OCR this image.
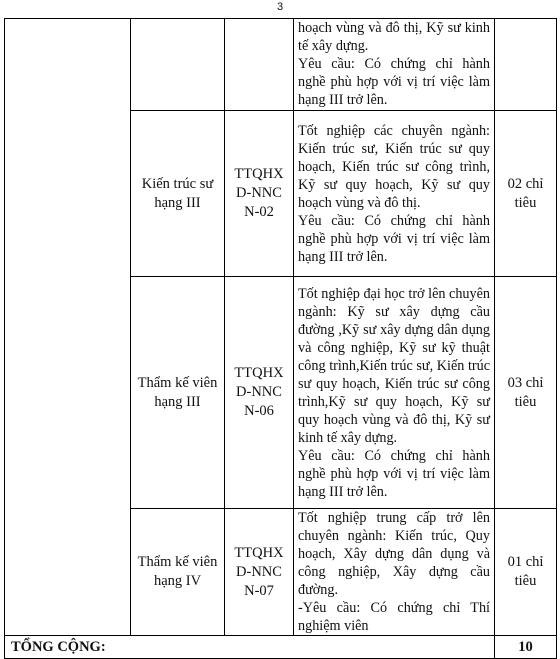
3

			hoạch vùng và đô thị, Kỹ sư kinh tế xây dựng.

Yêu cầu: Có chứng chỉ hành nghề phù hợp với vị trí việc làm hạng III trở lên.	

	Kiến trúc sư hạng III	TTQHXD-NNCN-02	Tốt nghiệp các chuyên ngành: Kiến trúc sư, Kiến trúc sư quy hoạch, Kiến trúc sư công trình, Kỹ sư quy hoạch, Kỹ sư quy hoạch vùng và đô thị.

Yêu cầu: Có chứng chỉ hành nghề phù hợp với vị trí việc làm hạng III trở lên.	02 chỉ tiêu
	Thẩm kế viên hạng III	TTQHXD-NNCN-06	Tốt nghiệp đại học trở lên chuyên ngành: Kỹ sư xây dựng cầu đường ,Kỹ sư xây dựng dân dụng và công nghiệp, Kỹ sư kỹ thuật công trình,Kiến trúc sư, Kiến trúc sư quy hoạch, Kiến trúc sư công trình,Kỹ sư quy hoạch, Kỹ sư quy hoạch vùng và đô thị, Kỹ sư kinh tế xây dựng.

Yêu cầu: Có chứng chỉ hành nghề phù hợp với vị trí việc làm hạng III trở lên.	03 chỉ tiêu
	Thẩm kế viên hạng IV	TTQHXD-NNCN-07	Tốt nghiệp trung cấp trở lên chuyên ngành: Kiến trúc, Quy hoạch, Xây dựng dân dụng và công nghiệp, Xây dựng cầu đường.

-Yêu cầu: Có chứng chỉ Thí nghiệm viên	01 chỉ tiêu
TỔNG CỘNG:				10
